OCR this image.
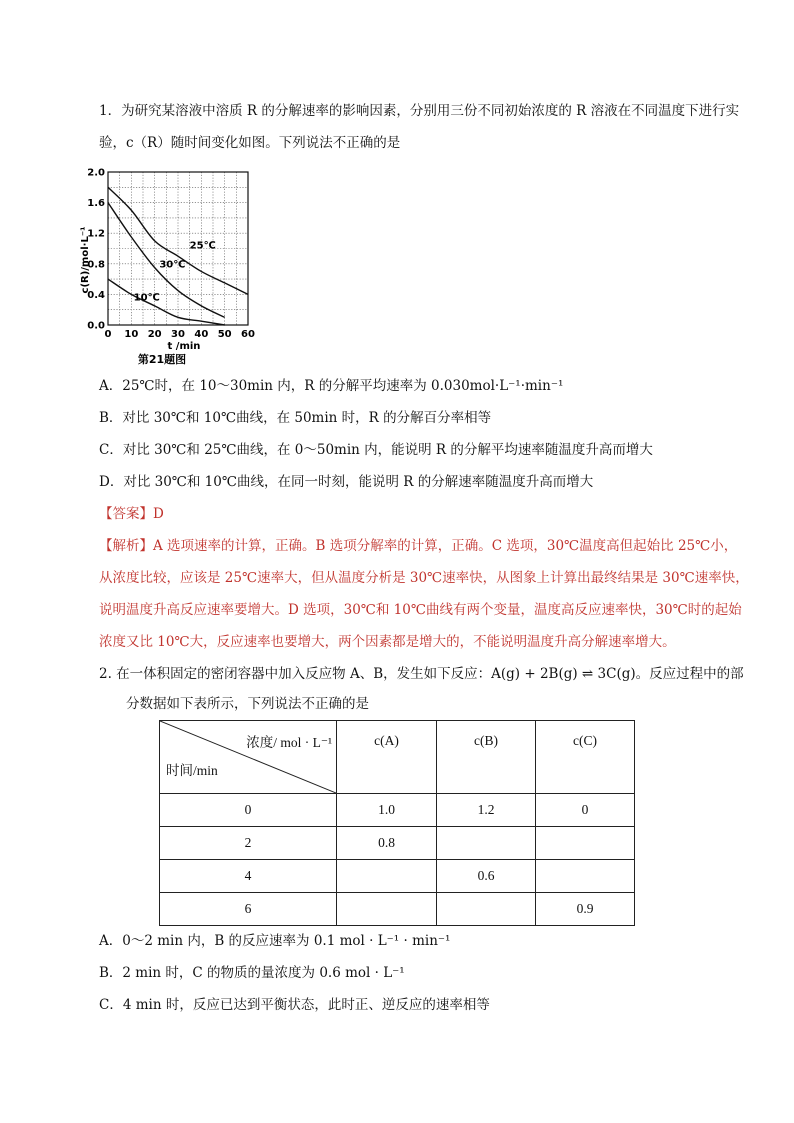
1．为研究某溶液中溶质 R 的分解速率的影响因素，分别用三份不同初始浓度的 R 溶液在不同温度下进行实
验，c（R）随时间变化如图。下列说法不正确的是
25℃
30℃
10℃
0 10 20 30 40 50 60
0.0
0.4
0.8
1.2
1.6
2.0
c(R)/mol·L⁻¹
t /min
第21题图
A．25℃时，在 10～30min 内，R 的分解平均速率为 0.030mol·L⁻¹·min⁻¹
B．对比 30℃和 10℃曲线，在 50min 时，R 的分解百分率相等
C．对比 30℃和 25℃曲线，在 0～50min 内，能说明 R 的分解平均速率随温度升高而增大
D．对比 30℃和 10℃曲线，在同一时刻，能说明 R 的分解速率随温度升高而增大
【答案】D
【解析】A 选项速率的计算，正确。B 选项分解率的计算，正确。C 选项，30℃温度高但起始比 25℃小，
从浓度比较，应该是 25℃速率大，但从温度分析是 30℃速率快，从图象上计算出最终结果是 30℃速率快，
说明温度升高反应速率要增大。D 选项，30℃和 10℃曲线有两个变量，温度高反应速率快，30℃时的起始
浓度又比 10℃大，反应速率也要增大，两个因素都是增大的，不能说明温度升高分解速率增大。
2. 在一体积固定的密闭容器中加入反应物 A、B，发生如下反应：A(g) + 2B(g) ⇌ 3C(g)。反应过程中的部
分数据如下表所示，下列说法不正确的是
浓度/ mol · L⁻¹
时间/min	c(A)	c(B)	c(C)
0	1.0	1.2	0
2	0.8		
4		0.6	
6			0.9
A．0～2 min 内，B 的反应速率为 0.1 mol · L⁻¹ · min⁻¹
B．2 min 时，C 的物质的量浓度为 0.6 mol · L⁻¹
C．4 min 时，反应已达到平衡状态，此时正、逆反应的速率相等
